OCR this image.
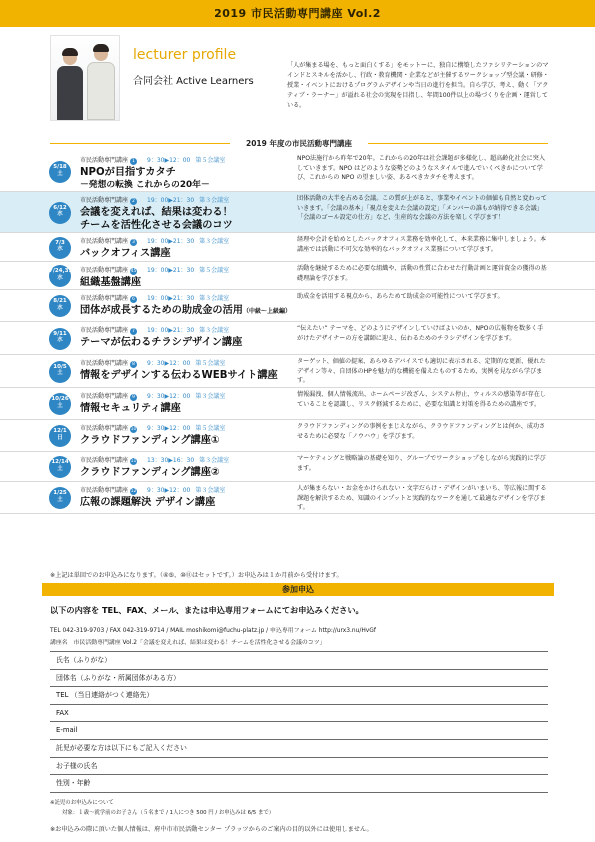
2019 市民活動専門講座 Vol.2
lecturer profile
合同会社 Active Learners
「人が集まる場を、もっと面白くする」をモットーに、独自に構築したファシリテーションのマインドとスキルを活かし、行政・教育機関・企業などが主催するワークショップ型会議・研修・授業・イベントにおけるプログラムデザインや当日の進行を担当。自ら学び、考え、動く「アクティブ・ラーナー」が溢れる社会の実現を目指し、年間100件以上の場づくりを企画・運営している。
2019 年度の市民活動専門講座
5/18
土
市民活動専門講座 1 9：30▶12：00 第５会議室
NPOが目指すカタチ
－発想の転換 これからの20年－
NPO法施行から昨年で20年。これからの20年は社会課題が多様化し、超高齢化社会に突入していきます。NPO はどのような姿勢どのようなスタイルで進んでいくべきかについて学び、これからの NPO の望ましい姿、あるべきカタチを考えます。
6/12
水
市民活動専門講座 2 19：00▶21：30 第３会議室
会議を変えれば、結果は変わる！
チームを活性化させる会議のコツ
団体活動の大半を占める会議。この質が上がると、事業やイベントの価値も自然と変わっていきます。「会議の基本」「視点を変えた会議の設定」「メンバーの誰もが納得できる会議」「会議のゴール設定の仕方」など、生産的な会議の方法を楽しく学びます！
7/3
水
市民活動専門講座 3 19：00▶21：30 第３会議室
バックオフィス講座
経理や会計を始めとしたバックオフィス業務を効率化して、本来業務に集中しましょう。本講座では活動に不可欠な効率的なバックオフィス業務について学びます。
7/24,31
水
市民活動専門講座 45 19：00▶21：30 第５会議室
組織基盤講座
活動を継続するために必要な組織や、活動の性質に合わせた行動計画と運営資金の獲得の基礎理論を学びます。
8/21
水
市民活動専門講座 6 19：00▶21：30 第３会議室
団体が成長するための助成金の活用（中級～上級編）
助成金を活用する視点から、あらためて助成金の可能性について学びます。
9/11
水
市民活動専門講座 7 19：00▶21：30 第３会議室
テーマが伝わるチラシデザイン講座
“伝えたい” テーマを、どのようにデザインしていけばよいのか、NPOの広報物を数多く手がけたデザイナーの方を講師に迎え、伝わるためのチラシデザインを学びます。
10/5
土
市民活動専門講座 8 9：30▶12：00 第５会議室
情報をデザインする伝わるWEBサイト講座
ターゲット、価値の提案、あらゆるデバイスでも適切に表示される、定期的な更新、優れたデザイン等々、自団体のHPを魅力的な機能を備えたものするため、実例を見ながら学びます。
10/26
土
市民活動専門講座 9 9：30▶12：00 第３会議室
情報セキュリティ講座
情報漏洩、個人情報流出、ホームページ改ざん、システム停止、ウィルスの感染等が存在していることを認識し、リスク軽減するために、必要な知識と対策を得るための講座です。
12/1
日
市民活動専門講座 10 9：30▶12：00 第５会議室
クラウドファンディング講座①
クラウドファンディングの事例をまじえながら、クラウドファンディングとは何か、成功させるために必要な「ノウハウ」を学びます。
12/14
土
市民活動専門講座 11 13：30▶16：30 第３会議室
クラウドファンディング講座②
マーケティングと戦略論の基礎を知り、グループでワークショップをしながら実践的に学びます。
1/25
土
市民活動専門講座 12 9：30▶12：00 第３会議室
広報の課題解決 デザイン講座
人が集まらない・お金をかけられない・文字だらけ・デザインがいまいち、等広報に関する課題を解決するため、知識のインプットと実践的なワークを通して最適なデザインを学びます。
※上記は単回でのお申込みになります。（④⑤、⑩⑪はセットです。）お申込みは１か月前から受付けます。
参加申込
以下の内容を TEL、FAX、メール、または申込専用フォームにてお申込みください。
TEL 042-319-9703 / FAX 042-319-9714 / MAIL moshikomi@fuchu-platz.jp / 申込専用フォーム http://urx3.nu/HvGf
講座名 市民活動専門講座 Vol.2「会議を変えれば、結果は変わる！チームを活性化させる会議のコツ」
氏名（ふりがな）
団体名（ふりがな・所属団体がある方）
TEL （当日連絡がつく連絡先）
FAX
E-mail
託児が必要な方は以下にもご記入ください
お子様の氏名
性別・年齢
※託児のお申込みについて
対象：１歳～就学前のお子さん（５名まで / 1人につき 500 円 / お申込みは 6/5 まで）
※お申込みの際に頂いた個人情報は、府中市市民活動センター プラッツからのご案内の目的以外には使用しません。
